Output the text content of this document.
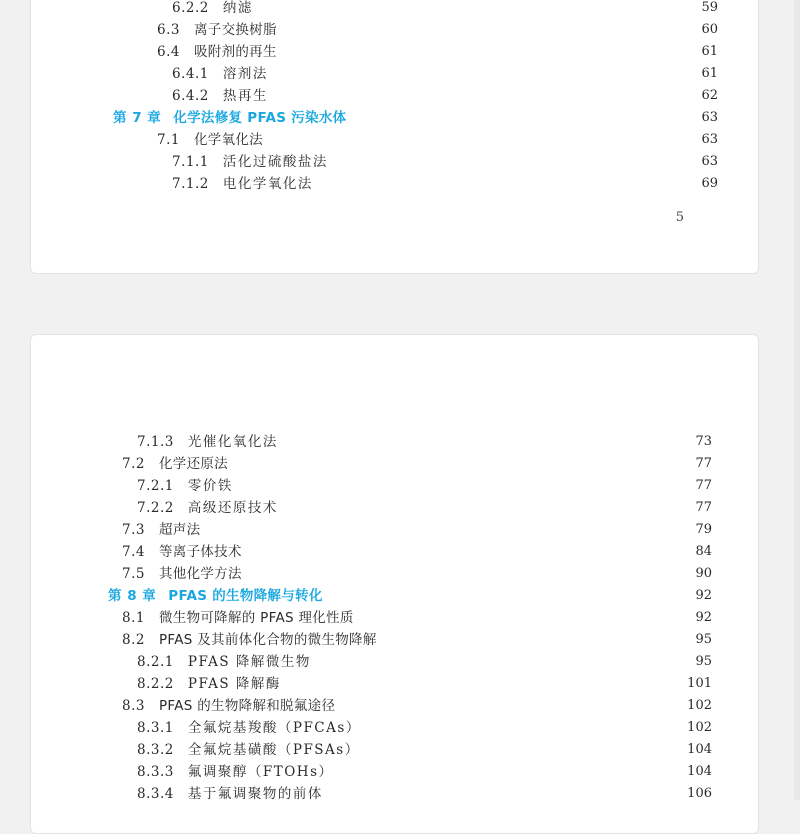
6.2.2 纳滤	59
6.3 离子交换树脂	60
6.4 吸附剂的再生	61
6.4.1 溶剂法	61
6.4.2 热再生	62
第 7 章 化学法修复 PFAS 污染水体	63
7.1 化学氧化法	63
7.1.1 活化过硫酸盐法	63
7.1.2 电化学氧化法	69
5
7.1.3 光催化氧化法	73
7.2 化学还原法	77
7.2.1 零价铁	77
7.2.2 高级还原技术	77
7.3 超声法	79
7.4 等离子体技术	84
7.5 其他化学方法	90
第 8 章 PFAS 的生物降解与转化	92
8.1 微生物可降解的 PFAS 理化性质	92
8.2 PFAS 及其前体化合物的微生物降解	95
8.2.1 PFAS 降解微生物	95
8.2.2 PFAS 降解酶	101
8.3 PFAS 的生物降解和脱氟途径	102
8.3.1 全氟烷基羧酸（PFCAs）	102
8.3.2 全氟烷基磺酸（PFSAs）	104
8.3.3 氟调聚醇（FTOHs）	104
8.3.4 基于氟调聚物的前体	106
